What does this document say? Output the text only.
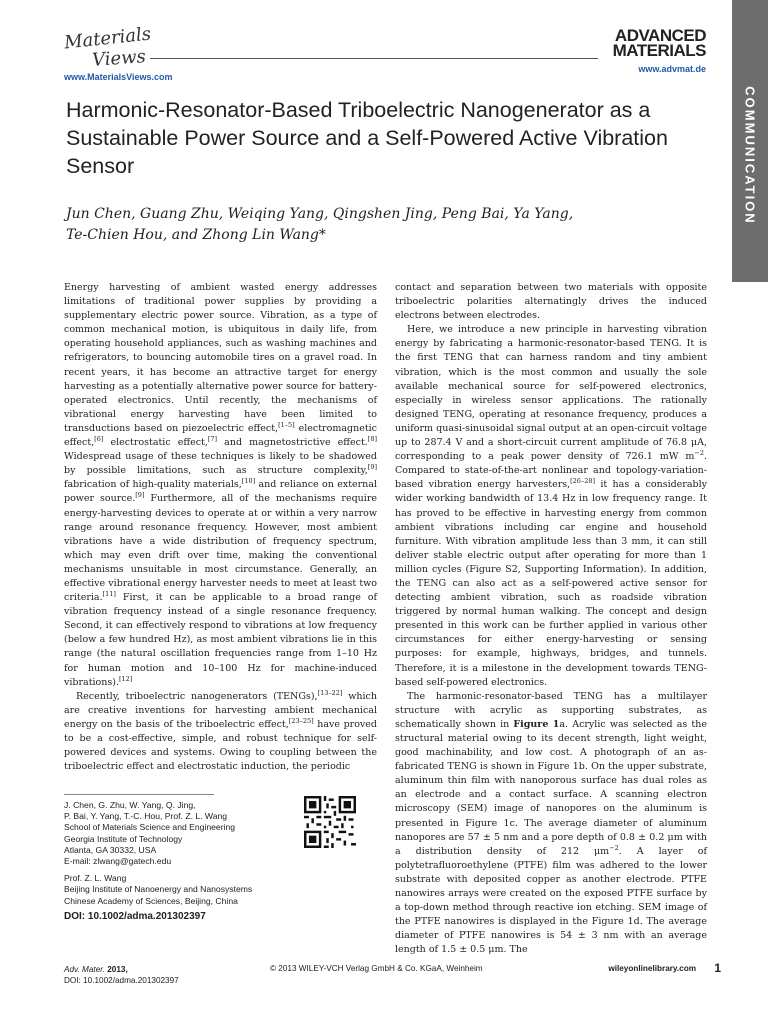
Materials
Views
www.MaterialsViews.com
ADVANCED
MATERIALS
www.advmat.de
COMMUNICATION
Harmonic-Resonator-Based Triboelectric Nanogenerator as a Sustainable Power Source and a Self-Powered Active Vibration Sensor
Jun Chen, Guang Zhu, Weiqing Yang, Qingshen Jing, Peng Bai, Ya Yang,
Te-Chien Hou, and Zhong Lin Wang*

Energy harvesting of ambient wasted energy addresses limitations of traditional power supplies by providing a supplementary electric power source. Vibration, as a type of common mechanical motion, is ubiquitous in daily life, from operating household appliances, such as washing machines and refrigerators, to bouncing automobile tires on a gravel road. In recent years, it has become an attractive target for energy harvesting as a potentially alternative power source for battery-operated electronics. Until recently, the mechanisms of vibrational energy harvesting have been limited to transductions based on piezoelectric effect,[1–5] electromagnetic effect,[6] electrostatic effect,[7] and magnetostrictive effect.[8] Widespread usage of these techniques is likely to be shadowed by possible limitations, such as structure complexity,[9] fabrication of high-quality materials,[10] and reliance on external power source.[9] Furthermore, all of the mechanisms require energy-harvesting devices to operate at or within a very narrow range around resonance frequency. However, most ambient vibrations have a wide distribution of frequency spectrum, which may even drift over time, making the conventional mechanisms unsuitable in most circumstance. Generally, an effective vibrational energy harvester needs to meet at least two criteria.[11] First, it can be applicable to a broad range of vibration frequency instead of a single resonance frequency. Second, it can effectively respond to vibrations at low frequency (below a few hundred Hz), as most ambient vibrations lie in this range (the natural oscillation frequencies range from 1–10 Hz for human motion and 10–100 Hz for machine-induced vibrations).[12]

Recently, triboelectric nanogenerators (TENGs),[13–22] which are creative inventions for harvesting ambient mechanical energy on the basis of the triboelectric effect,[23–25] have proved to be a cost-effective, simple, and robust technique for self-powered devices and systems. Owing to coupling between the triboelectric effect and electrostatic induction, the periodic

contact and separation between two materials with opposite triboelectric polarities alternatingly drives the induced electrons between electrodes.

Here, we introduce a new principle in harvesting vibration energy by fabricating a harmonic-resonator-based TENG. It is the first TENG that can harness random and tiny ambient vibration, which is the most common and usually the sole available mechanical source for self-powered electronics, especially in wireless sensor applications. The rationally designed TENG, operating at resonance frequency, produces a uniform quasi-sinusoidal signal output at an open-circuit voltage up to 287.4 V and a short-circuit current amplitude of 76.8 μA, corresponding to a peak power density of 726.1 mW $m^{-2}$. Compared to state-of-the-art nonlinear and topology-variation-based vibration energy harvesters,[26–28] it has a considerably wider working bandwidth of 13.4 Hz in low frequency range. It has proved to be effective in harvesting energy from common ambient vibrations including car engine and household furniture. With vibration amplitude less than 3 mm, it can still deliver stable electric output after operating for more than 1 million cycles (Figure S2, Supporting Information). In addition, the TENG can also act as a self-powered active sensor for detecting ambient vibration, such as roadside vibration triggered by normal human walking. The concept and design presented in this work can be further applied in various other circumstances for either energy-harvesting or sensing purposes: for example, highways, bridges, and tunnels. Therefore, it is a milestone in the development towards TENG-based self-powered electronics.

The harmonic-resonator-based TENG has a multilayer structure with acrylic as supporting substrates, as schematically shown in Figure 1a. Acrylic was selected as the structural material owing to its decent strength, light weight, good machinability, and low cost. A photograph of an as-fabricated TENG is shown in Figure 1b. On the upper substrate, aluminum thin film with nanoporous surface has dual roles as an electrode and a contact surface. A scanning electron microscopy (SEM) image of nanopores on the aluminum is presented in Figure 1c. The average diameter of aluminum nanopores are 57 ± 5 nm and a pore depth of 0.8 ± 0.2 μm with a distribution density of 212 $\mu m^{-2}$. A layer of polytetrafluoroethylene (PTFE) film was adhered to the lower substrate with deposited copper as another electrode. PTFE nanowires arrays were created on the exposed PTFE surface by a top-down method through reactive ion etching. SEM image of the PTFE nanowires is displayed in the Figure 1d. The average diameter of PTFE nanowires is 54 ± 3 nm with an average length of 1.5 ± 0.5 μm. The

J. Chen, G. Zhu, W. Yang, Q. Jing,
P. Bai, Y. Yang, T.-C. Hou, Prof. Z. L. Wang
School of Materials Science and Engineering
Georgia Institute of Technology
Atlanta, GA 30332, USA
E-mail: zlwang@gatech.edu
Prof. Z. L. Wang
Beijing Institute of Nanoenergy and Nanosystems
Chinese Academy of Sciences, Beijing, China
DOI: 10.1002/adma.201302397
Adv. Mater. 2013,
DOI: 10.1002/adma.201302397
© 2013 WILEY-VCH Verlag GmbH & Co. KGaA, Weinheim	wileyonlinelibrary.com 1
